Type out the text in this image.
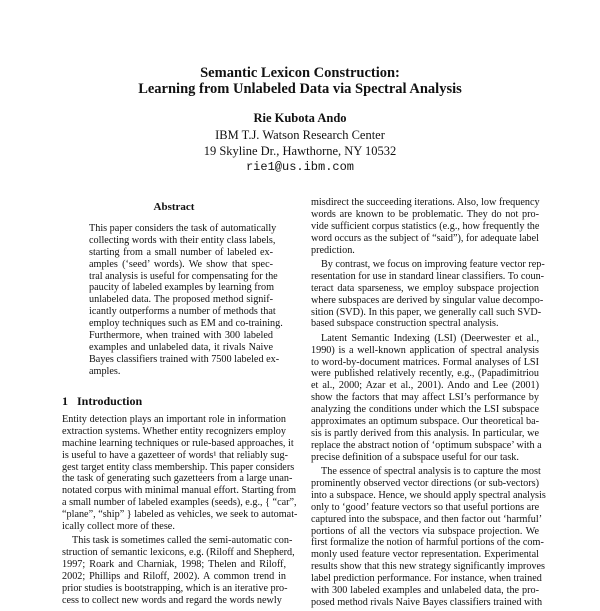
Semantic Lexicon Construction:
Learning from Unlabeled Data via Spectral Analysis
Rie Kubota Ando
IBM T.J. Watson Research Center
19 Skyline Dr., Hawthorne, NY 10532
rie1@us.ibm.com
Abstract
This paper considers the task of automatically
collecting words with their entity class labels,
starting from a small number of labeled ex-
amples (‘seed’ words). We show that spec-
tral analysis is useful for compensating for the
paucity of labeled examples by learning from
unlabeled data. The proposed method signif-
icantly outperforms a number of methods that
employ techniques such as EM and co-training.
Furthermore, when trained with 300 labeled
examples and unlabeled data, it rivals Naive
Bayes classifiers trained with 7500 labeled ex-
amples.
1   Introduction
Entity detection plays an important role in information
extraction systems. Whether entity recognizers employ
machine learning techniques or rule-based approaches, it
is useful to have a gazetteer of words¹ that reliably sug-
gest target entity class membership. This paper considers
the task of generating such gazetteers from a large unan-
notated corpus with minimal manual effort. Starting from
a small number of labeled examples (seeds), e.g., { “car”,
“plane”, “ship” } labeled as vehicles, we seek to automat-
ically collect more of these.
This task is sometimes called the semi-automatic con-
struction of semantic lexicons, e.g. (Riloff and Shepherd,
1997; Roark and Charniak, 1998; Thelen and Riloff,
2002; Phillips and Riloff, 2002). A common trend in
prior studies is bootstrapping, which is an iterative pro-
cess to collect new words and regard the words newly
misdirect the succeeding iterations. Also, low frequency
words are known to be problematic. They do not pro-
vide sufficient corpus statistics (e.g., how frequently the
word occurs as the subject of “said”), for adequate label
prediction.
By contrast, we focus on improving feature vector rep-
resentation for use in standard linear classifiers. To coun-
teract data sparseness, we employ subspace projection
where subspaces are derived by singular value decompo-
sition (SVD). In this paper, we generally call such SVD-
based subspace construction spectral analysis.
Latent Semantic Indexing (LSI) (Deerwester et al.,
1990) is a well-known application of spectral analysis
to word-by-document matrices. Formal analyses of LSI
were published relatively recently, e.g., (Papadimitriou
et al., 2000; Azar et al., 2001). Ando and Lee (2001)
show the factors that may affect LSI’s performance by
analyzing the conditions under which the LSI subspace
approximates an optimum subspace. Our theoretical ba-
sis is partly derived from this analysis. In particular, we
replace the abstract notion of ‘optimum subspace’ with a
precise definition of a subspace useful for our task.
The essence of spectral analysis is to capture the most
prominently observed vector directions (or sub-vectors)
into a subspace. Hence, we should apply spectral analysis
only to ‘good’ feature vectors so that useful portions are
captured into the subspace, and then factor out ‘harmful’
portions of all the vectors via subspace projection. We
first formalize the notion of harmful portions of the com-
monly used feature vector representation. Experimental
results show that this new strategy significantly improves
label prediction performance. For instance, when trained
with 300 labeled examples and unlabeled data, the pro-
posed method rivals Naive Bayes classifiers trained with
